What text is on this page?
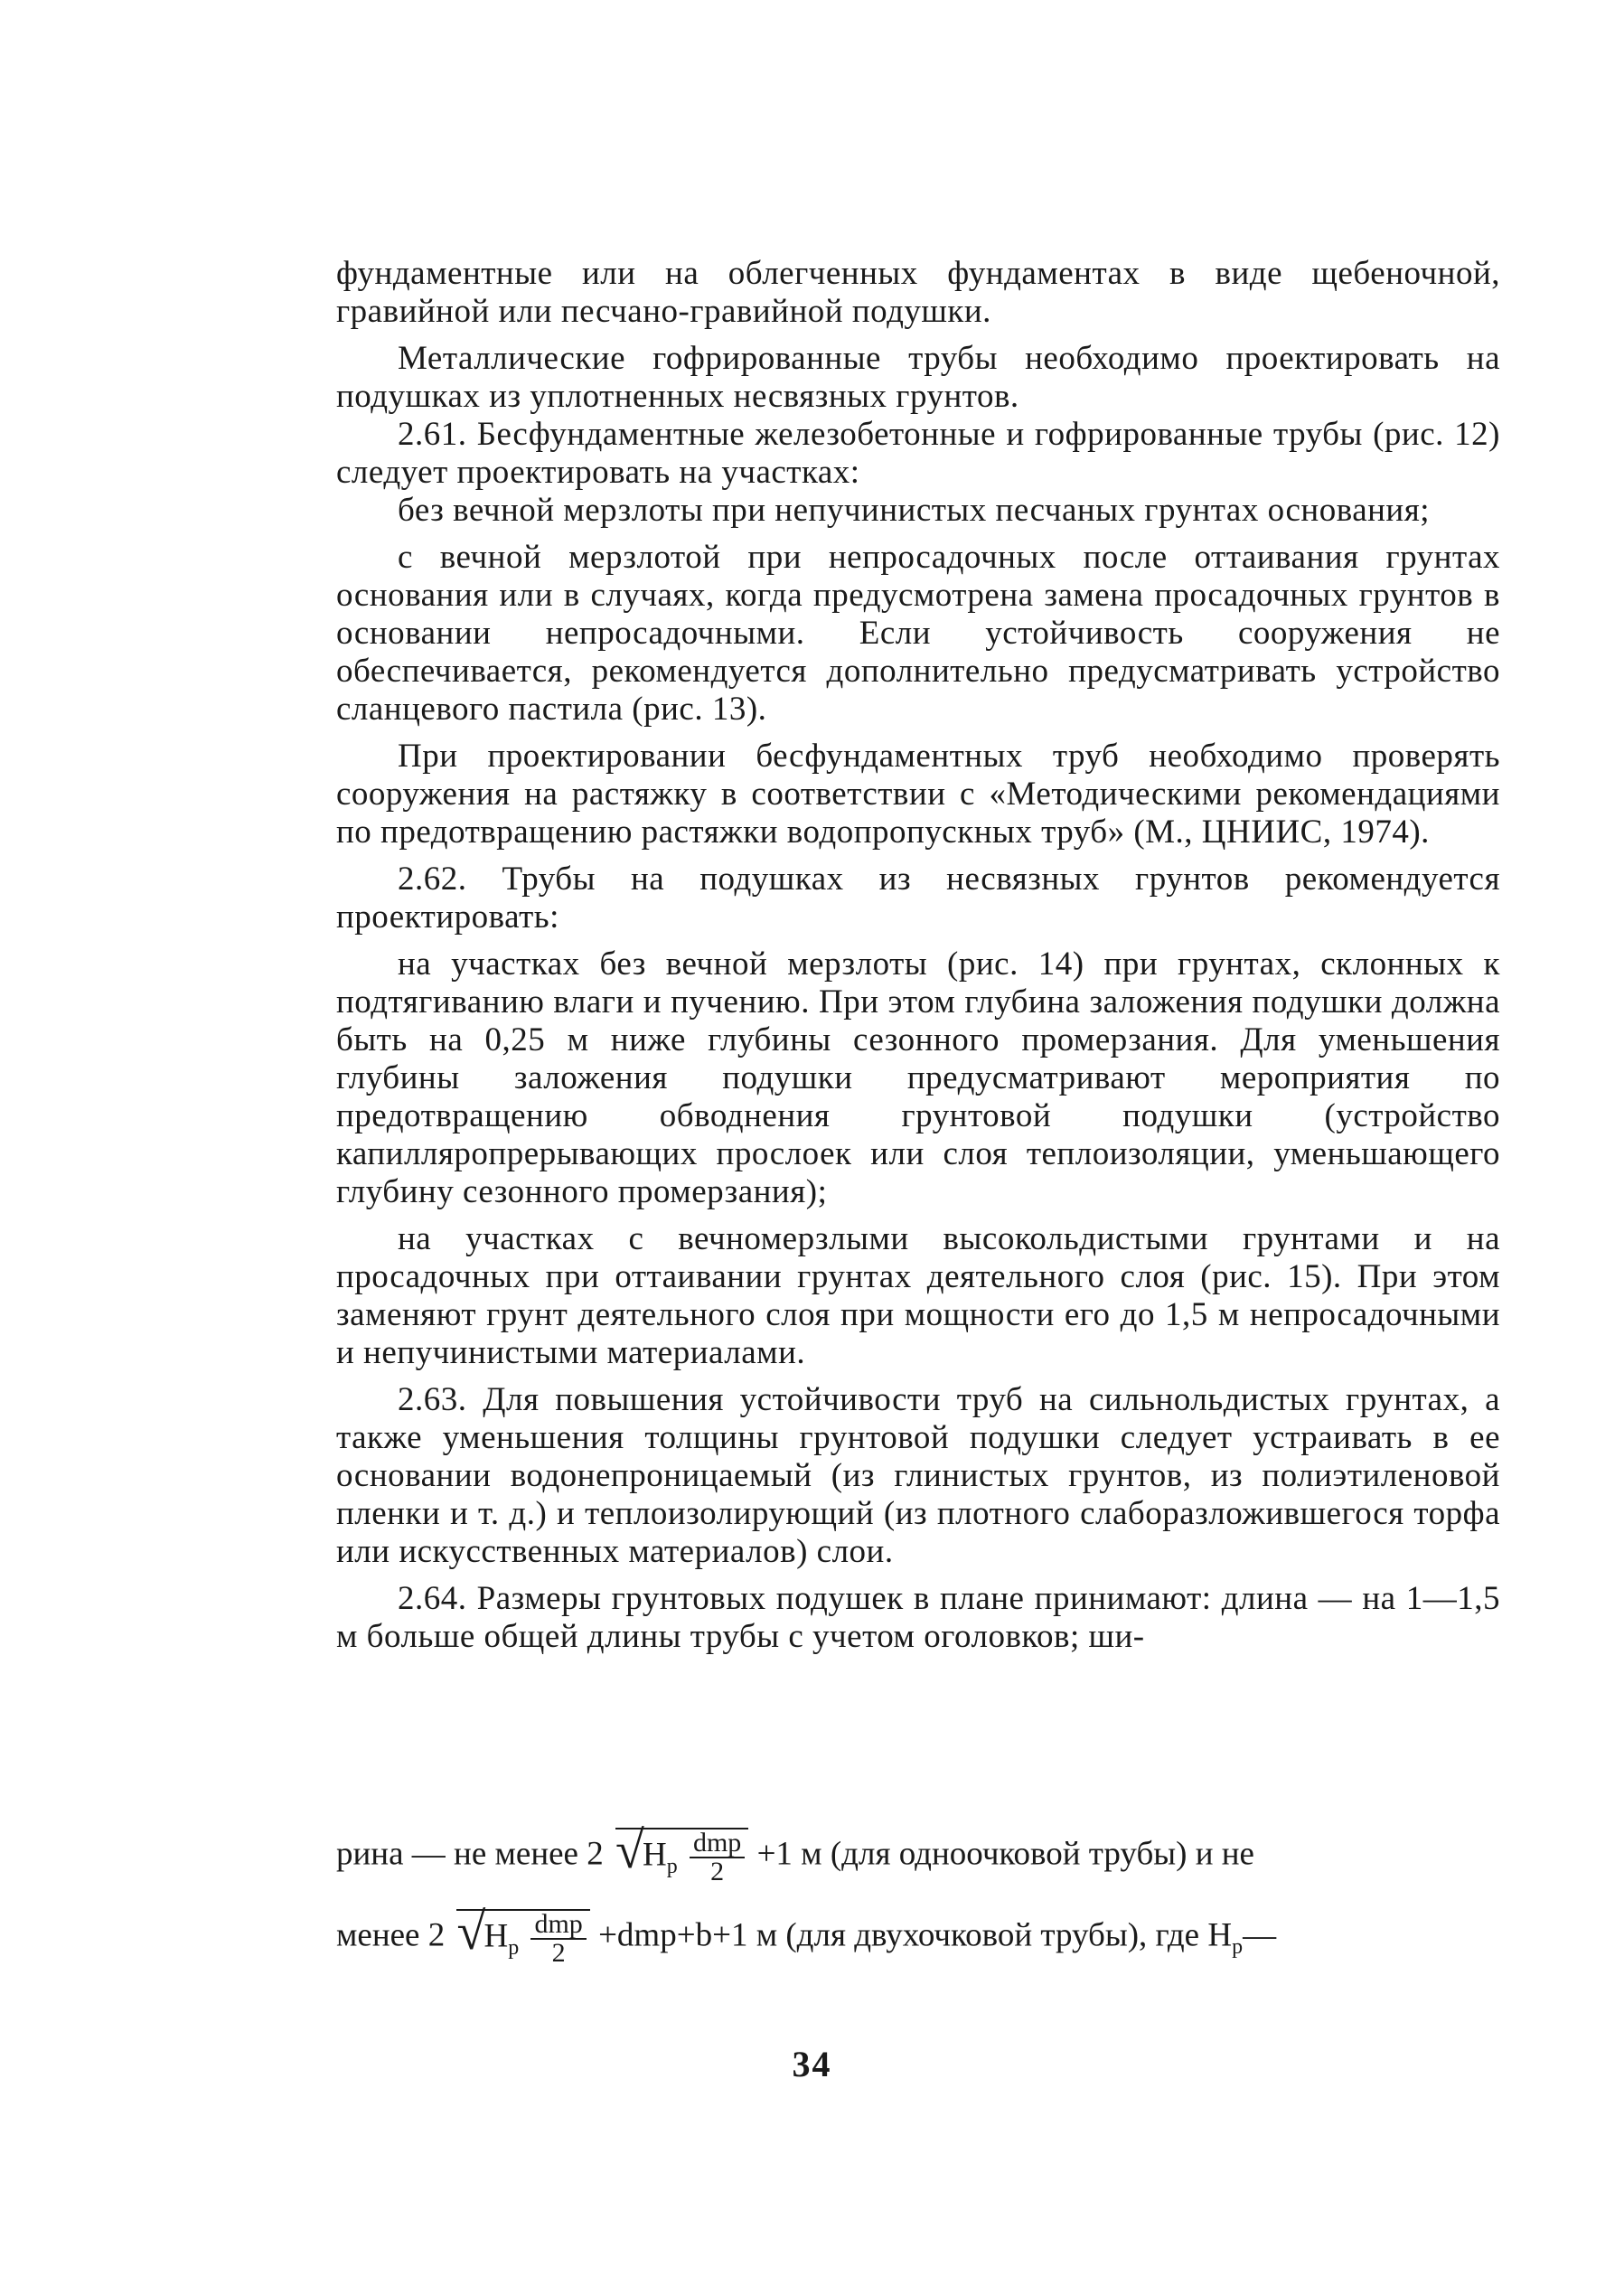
фундаментные или на облегченных фундаментах в виде щебеночной, гравийной или песчано-гравийной подушки.

Металлические гофрированные трубы необходимо проектировать на подушках из уплотненных несвязных грунтов.

2.61. Бесфундаментные железобетонные и гофрированные трубы (рис. 12) следует проектировать на участках:

без вечной мерзлоты при непучинистых песчаных грунтах основания;

с вечной мерзлотой при непросадочных после оттаивания грунтах основания или в случаях, когда предусмотрена замена просадочных грунтов в основании непросадочными. Если устойчивость сооружения не обеспечивается, рекомендуется дополнительно предусматривать устройство сланцевого пастила (рис. 13).

При проектировании бесфундаментных труб необходимо проверять сооружения на растяжку в соответствии с «Методическими рекомендациями по предотвращению растяжки водопропускных труб» (М., ЦНИИС, 1974).

2.62. Трубы на подушках из несвязных грунтов рекомендуется проектировать:

на участках без вечной мерзлоты (рис. 14) при грунтах, склонных к подтягиванию влаги и пучению. При этом глубина заложения подушки должна быть на 0,25 м ниже глубины сезонного промерзания. Для уменьшения глубины заложения подушки предусматривают мероприятия по предотвращению обводнения грунтовой подушки (устройство капилляропрерывающих прослоек или слоя теплоизоляции, уменьшающего глубину сезонного промерзания);

на участках с вечномерзлыми высокольдистыми грунтами и на просадочных при оттаивании грунтах деятельного слоя (рис. 15). При этом заменяют грунт деятельного слоя при мощности его до 1,5 м непросадочными и непучинистыми материалами.

2.63. Для повышения устойчивости труб на сильнольдистых грунтах, а также уменьшения толщины грунтовой подушки следует устраивать в ее основании водонепроницаемый (из глинистых грунтов, из полиэтиленовой пленки и т. д.) и теплоизолирующий (из плотного слаборазложившегося торфа или искусственных материалов) слои.

2.64. Размеры грунтовых подушек в плане принимают: длина — на 1—1,5 м больше общей длины трубы с учетом оголовков; ши-

рина — не менее 2 √
$H_р \frac{\text{dmp}}{2} +1$ м (для одноочковой трубы) и не
менее 2 √
$H_р \frac{\text{dmp}}{2} +dmp+b+1$ м (для двухочковой трубы), где $H_р—$
34
